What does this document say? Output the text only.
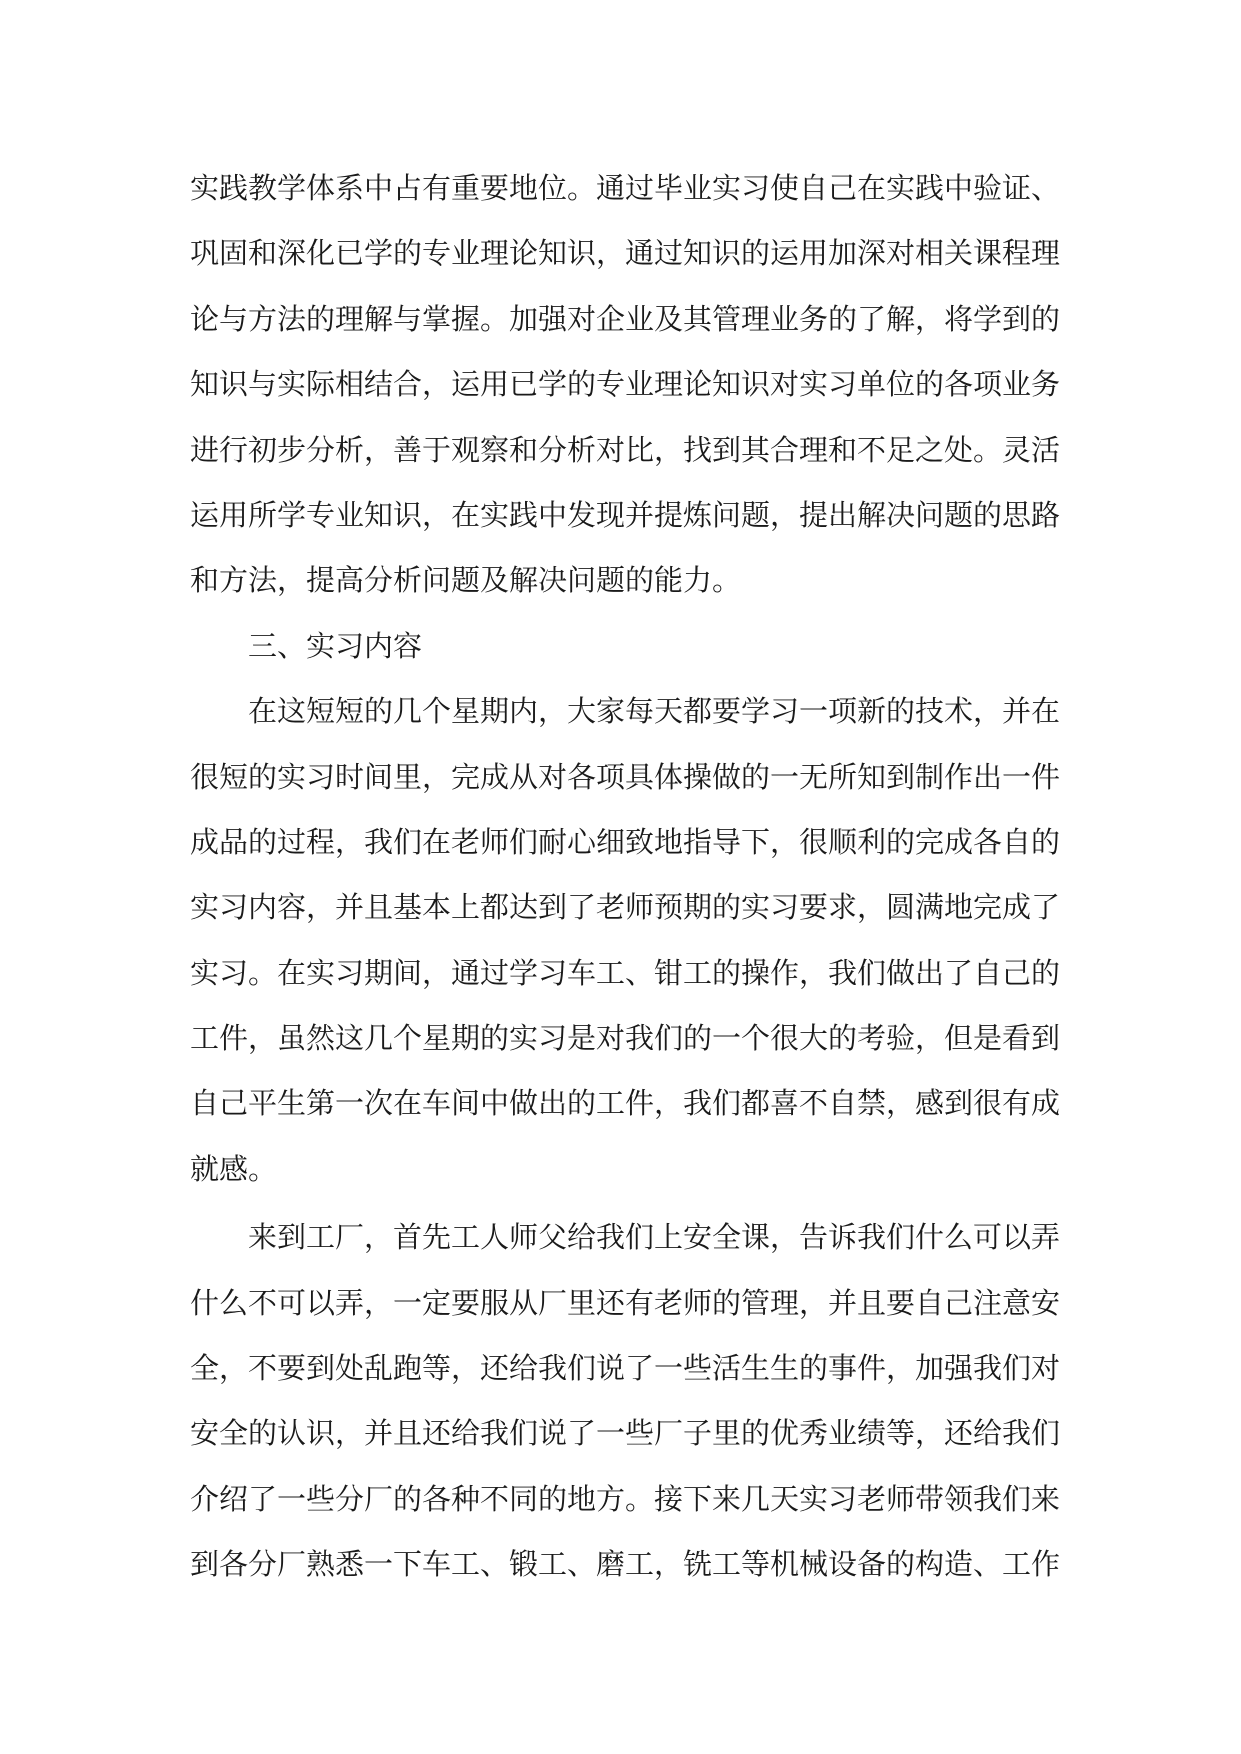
实践教学体系中占有重要地位。通过毕业实习使自己在实践中验证、

巩固和深化已学的专业理论知识，通过知识的运用加深对相关课程理

论与方法的理解与掌握。加强对企业及其管理业务的了解，将学到的

知识与实际相结合，运用已学的专业理论知识对实习单位的各项业务

进行初步分析，善于观察和分析对比，找到其合理和不足之处。灵活

运用所学专业知识，在实践中发现并提炼问题，提出解决问题的思路

和方法，提高分析问题及解决问题的能力。

三、实习内容

在这短短的几个星期内，大家每天都要学习一项新的技术，并在

很短的实习时间里，完成从对各项具体操做的一无所知到制作出一件

成品的过程，我们在老师们耐心细致地指导下，很顺利的完成各自的

实习内容，并且基本上都达到了老师预期的实习要求，圆满地完成了

实习。在实习期间，通过学习车工、钳工的操作，我们做出了自己的

工件，虽然这几个星期的实习是对我们的一个很大的考验，但是看到

自己平生第一次在车间中做出的工件，我们都喜不自禁，感到很有成

就感。

来到工厂，首先工人师父给我们上安全课，告诉我们什么可以弄

什么不可以弄，一定要服从厂里还有老师的管理，并且要自己注意安

全，不要到处乱跑等，还给我们说了一些活生生的事件，加强我们对

安全的认识，并且还给我们说了一些厂子里的优秀业绩等，还给我们

介绍了一些分厂的各种不同的地方。接下来几天实习老师带领我们来

到各分厂熟悉一下车工、锻工、磨工，铣工等机械设备的构造、工作
